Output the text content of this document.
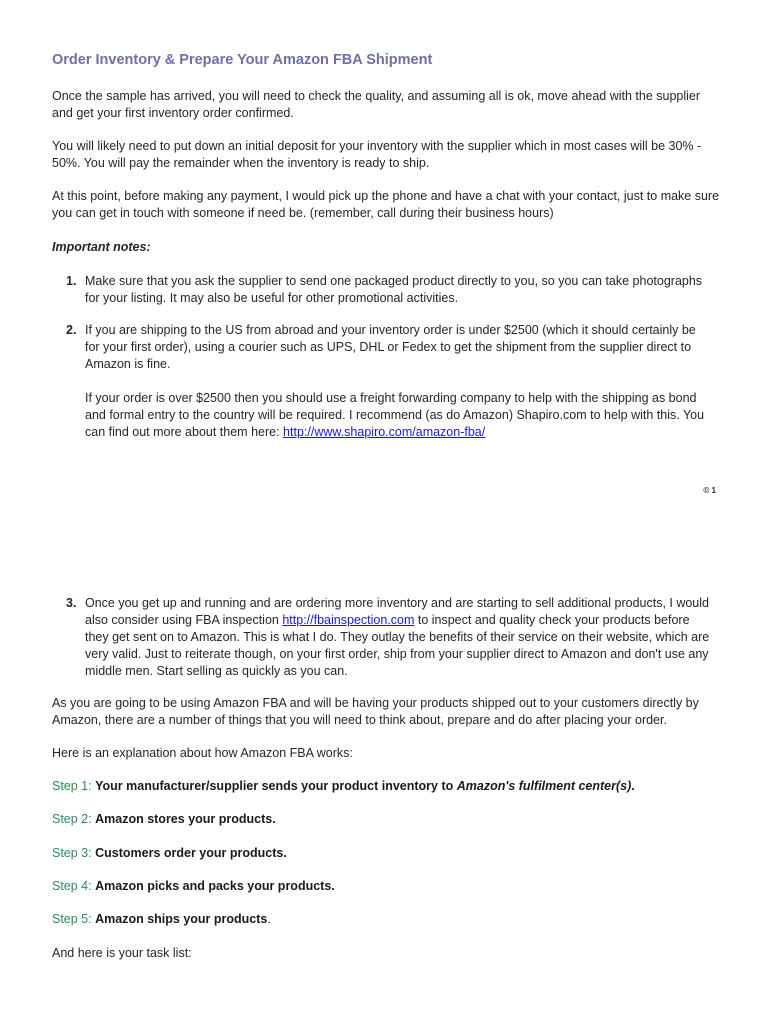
Order Inventory & Prepare Your Amazon FBA Shipment

Once the sample has arrived, you will need to check the quality, and assuming all is ok, move ahead with the supplier and get your first inventory order confirmed.

You will likely need to put down an initial deposit for your inventory with the supplier which in most cases will be 30% - 50%. You will pay the remainder when the inventory is ready to ship.

At this point, before making any payment, I would pick up the phone and have a chat with your contact, just to make sure you can get in touch with someone if need be. (remember, call during their business hours)

Important notes:

1. Make sure that you ask the supplier to send one packaged product directly to you, so you can take photographs for your listing. It may also be useful for other promotional activities.

2. If you are shipping to the US from abroad and your inventory order is under $2500 (which it should certainly be for your first order), using a courier such as UPS, DHL or Fedex to get the shipment from the supplier direct to Amazon is fine.

If your order is over $2500 then you should use a freight forwarding company to help with the shipping as bond and formal entry to the country will be required. I recommend (as do Amazon) Shapiro.com to help with this. You can find out more about them here: http://www.shapiro.com/amazon-fba/

© 1
3. Once you get up and running and are ordering more inventory and are starting to sell additional products, I would also consider using FBA inspection http://fbainspection.com to inspect and quality check your products before they get sent on to Amazon. This is what I do. They outlay the benefits of their service on their website, which are very valid. Just to reiterate though, on your first order, ship from your supplier direct to Amazon and don't use any middle men. Start selling as quickly as you can.

As you are going to be using Amazon FBA and will be having your products shipped out to your customers directly by Amazon, there are a number of things that you will need to think about, prepare and do after placing your order.

Here is an explanation about how Amazon FBA works:

Step 1: Your manufacturer/supplier sends your product inventory to Amazon's fulfilment center(s).

Step 2: Amazon stores your products.

Step 3: Customers order your products.

Step 4: Amazon picks and packs your products.

Step 5: Amazon ships your products.

And here is your task list:
